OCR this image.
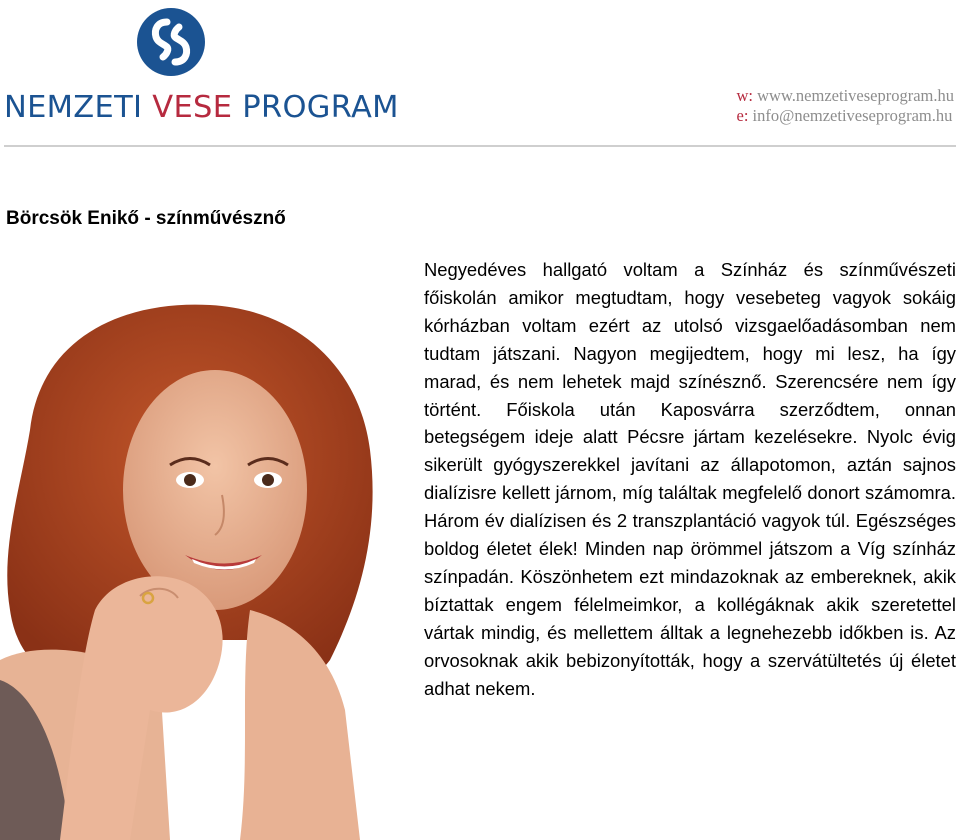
NEMZETI VESE PROGRAM	w: www.nemzetiveseprogram.hu
e: info@nemzetiveseprogram.hu
Börcsök Enikő - színművésznő

Negyedéves hallgató voltam a Színház és színművészeti főiskolán amikor megtudtam, hogy vesebeteg vagyok sokáig kórházban voltam ezért az utolsó vizsgaelőadásomban nem tudtam játszani. Nagyon megijedtem, hogy mi lesz, ha így marad, és nem lehetek majd színésznő. Szerencsére nem így történt. Főiskola után Kaposvárra szerződtem, onnan betegségem ideje alatt Pécsre jártam kezelésekre. Nyolc évig sikerült gyógyszerekkel javítani az állapotomon, aztán sajnos dialízisre kellett járnom, míg találtak megfelelő donort számomra. Három év dialízisen és 2 transzplantáció vagyok túl. Egészséges boldog életet élek! Minden nap örömmel játszom a Víg színház színpadán. Köszönhetem ezt mindazoknak az embereknek, akik bíztattak engem félelmeimkor, a kollégáknak akik szeretettel vártak mindig, és mellettem álltak a legnehezebb időkben is. Az orvosoknak akik bebizonyították, hogy a szervátültetés új életet adhat nekem.
